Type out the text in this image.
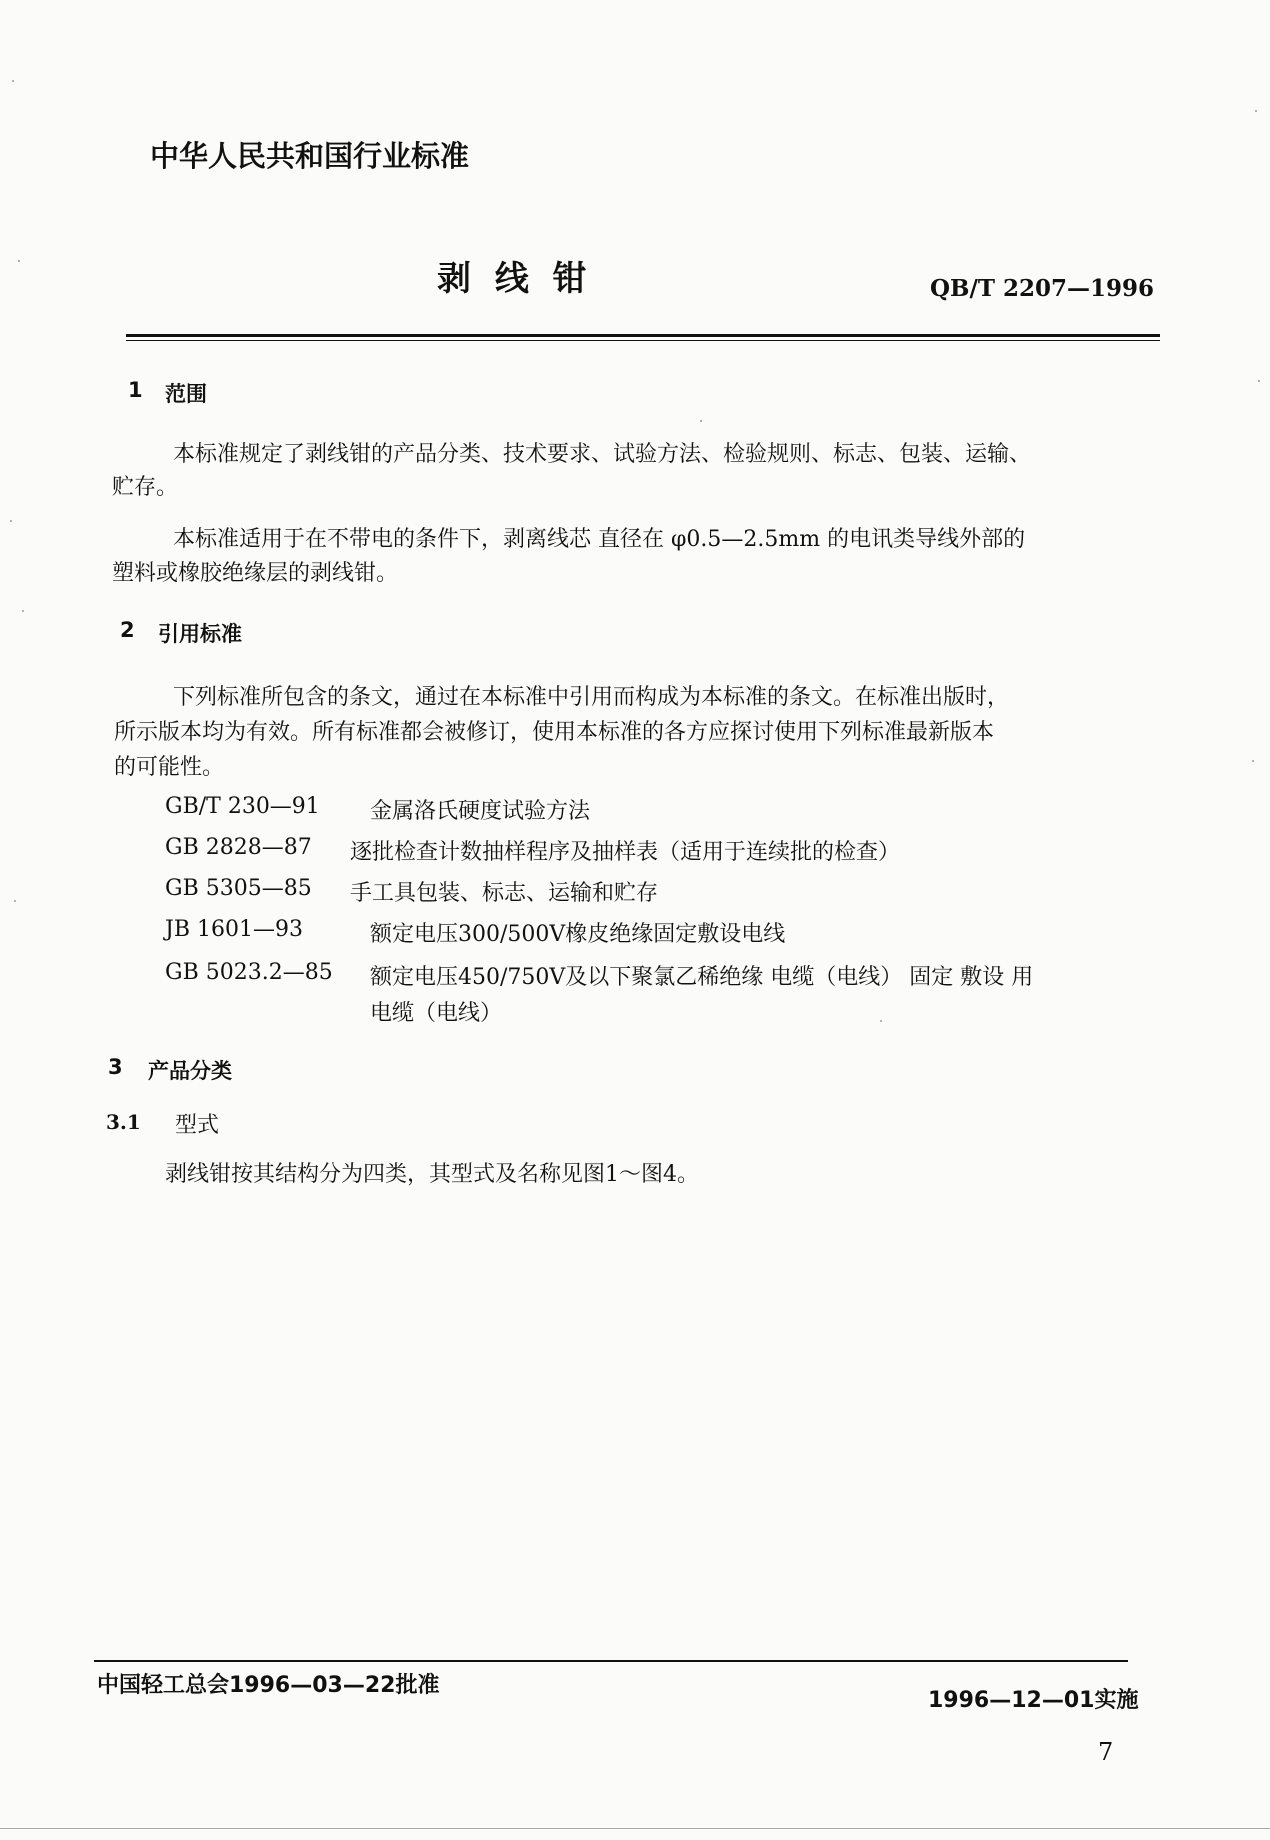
中华人民共和国行业标准
剥 线 钳	QB/T 2207—1996
1 范围
本标准规定了剥线钳的产品分类、技术要求、试验方法、检验规则、标志、包装、运输、
贮存。
本标准适用于在不带电的条件下，剥离线芯 直径在 φ0.5—2.5mm 的电讯类导线外部的
塑料或橡胶绝缘层的剥线钳。
2 引用标准
下列标准所包含的条文，通过在本标准中引用而构成为本标准的条文。在标准出版时，
所示版本均为有效。所有标准都会被修订，使用本标准的各方应探讨使用下列标准最新版本
的可能性。
GB/T 230—91 金属洛氏硬度试验方法
GB 2828—87 逐批检查计数抽样程序及抽样表（适用于连续批的检查）
GB 5305—85 手工具包装、标志、运输和贮存
JB 1601—93	额定电压300/500V橡皮绝缘固定敷设电线
GB 5023.2—85 额定电压450/750V及以下聚氯乙稀绝缘 电缆（电线） 固定 敷设 用
电缆（电线）
3 产品分类
3.1 型式
剥线钳按其结构分为四类，其型式及名称见图1～图4。
中国轻工总会1996—03—22批准
1996—12—01实施
7
